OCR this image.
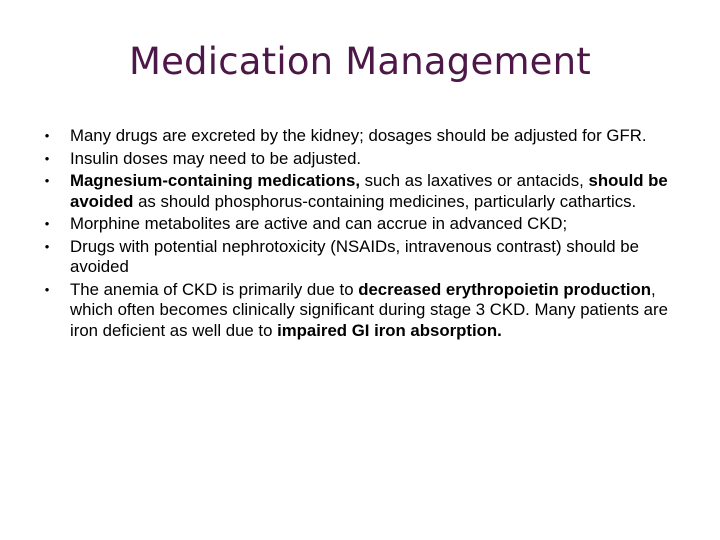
Medication Management
• Many drugs are excreted by the kidney; dosages should be adjusted for GFR.
• Insulin doses may need to be adjusted.
• Magnesium-containing medications, such as laxatives or antacids, should be avoided as should phosphorus-containing medicines, particularly cathartics.
• Morphine metabolites are active and can accrue in advanced CKD;
• Drugs with potential nephrotoxicity (NSAIDs, intravenous contrast) should be avoided
• The anemia of CKD is primarily due to decreased erythropoietin production, which often becomes clinically significant during stage 3 CKD. Many patients are iron deficient as well due to impaired GI iron absorption.
